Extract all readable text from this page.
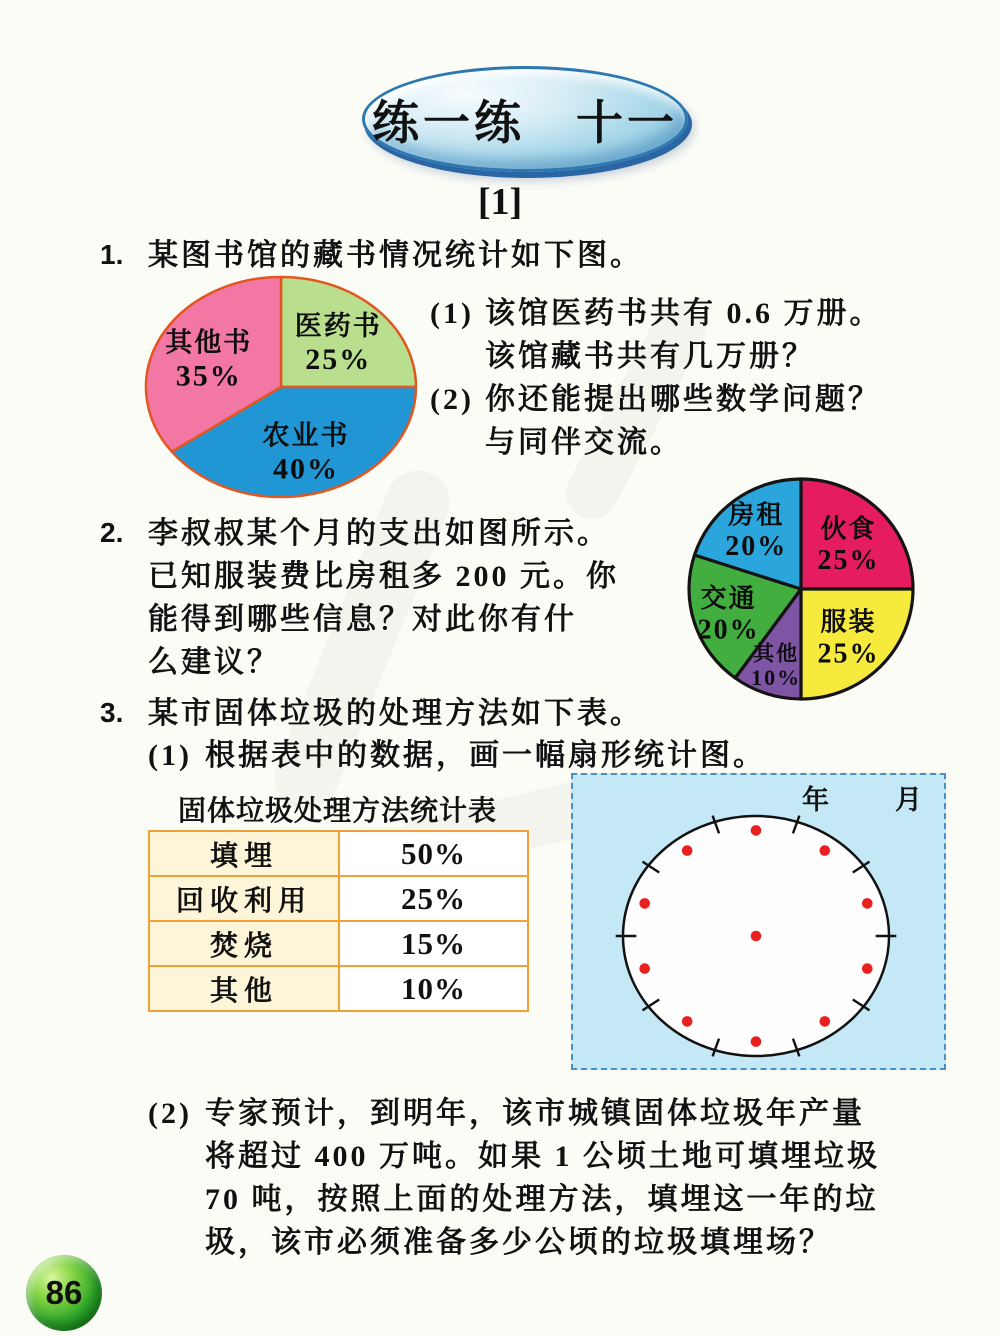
练一练　十一
[1]
1. 某图书馆的藏书情况统计如下图。
医药书
25%
农业书
40%
其他书
35%
(1) 该馆医药书共有 0.6 万册。
该馆藏书共有几万册？
(2) 你还能提出哪些数学问题？
与同伴交流。
2. 李叔叔某个月的支出如图所示。
已知服装费比房租多 200 元。你
能得到哪些信息？对此你有什
么建议？
伙食
25%
服装
25%
其他
10%
交通
20%
房租
20%
3. 某市固体垃圾的处理方法如下表。
(1) 根据表中的数据，画一幅扇形统计图。
固体垃圾处理方法统计表
填埋	50%
回收利用	25%
焚烧	15%
其他	10%
年 月
(2) 专家预计，到明年，该市城镇固体垃圾年产量
将超过 400 万吨。如果 1 公顷土地可填埋垃圾
70 吨，按照上面的处理方法，填埋这一年的垃
圾，该市必须准备多少公顷的垃圾填埋场？
86
